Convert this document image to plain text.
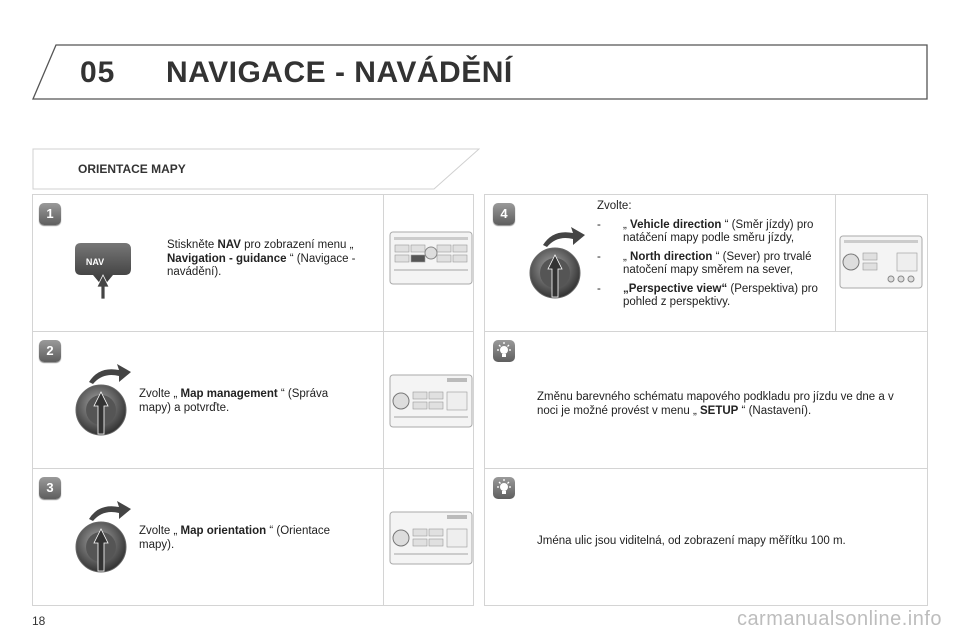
05 NAVIGACE - NAVÁDĚNÍ
ORIENTACE MAPY
1
NAV
Stiskněte NAV pro zobrazení menu „ Navigation - guidance “ (Navigace - navádění).
2
Zvolte „ Map management “ (Správa mapy) a potvrďte.
3
Zvolte „ Map orientation “ (Orientace mapy).
4	Zvolte:
- „ Vehicle direction “ (Směr jízdy) pro natáčení mapy podle směru jízdy,
- „ North direction “ (Sever) pro trvalé natočení mapy směrem na sever,
- „Perspective view“ (Perspektiva) pro pohled z perspektivy.
Změnu barevného schématu mapového podkladu pro jízdu ve dne a v noci je možné provést v menu „ SETUP “ (Nastavení).
Jména ulic jsou viditelná, od zobrazení mapy měřítku 100 m.
18	carmanualsonline.info
